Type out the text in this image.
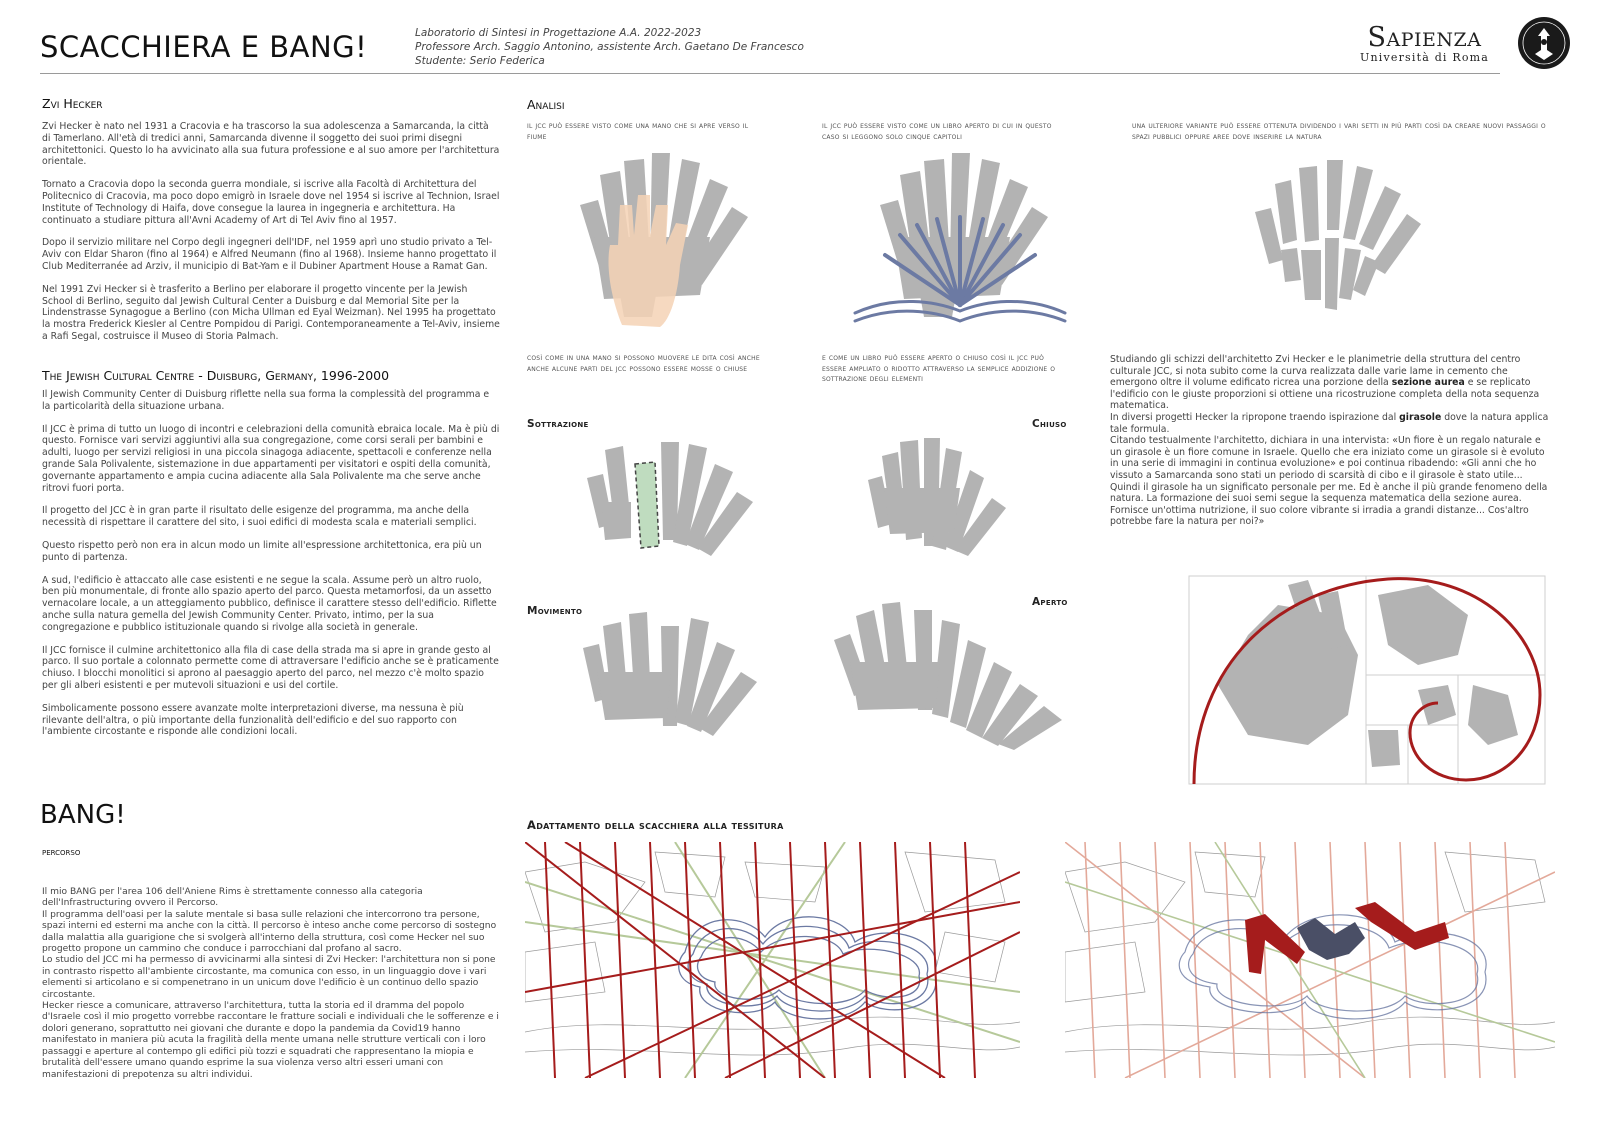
SCACCHIERA E BANG!	Laboratorio di Sintesi in Progettazione A.A. 2022-2023
Professore Arch. Saggio Antonino, assistente Arch. Gaetano De Francesco
Studente: Serio Federica
Sapienza
Università di Roma
Zvi Hecker

Zvi Hecker è nato nel 1931 a Cracovia e ha trascorso la sua adolescenza a Samarcanda, la città di Tamerlano. All'età di tredici anni, Samarcanda divenne il soggetto dei suoi primi disegni architettonici. Questo lo ha avvicinato alla sua futura professione e al suo amore per l'architettura orientale.

Tornato a Cracovia dopo la seconda guerra mondiale, si iscrive alla Facoltà di Architettura del Politecnico di Cracovia, ma poco dopo emigrò in Israele dove nel 1954 si iscrive al Technion, Israel Institute of Technology di Haifa, dove consegue la laurea in ingegneria e architettura. Ha continuato a studiare pittura all'Avni Academy of Art di Tel Aviv fino al 1957.

Dopo il servizio militare nel Corpo degli ingegneri dell'IDF, nel 1959 aprì uno studio privato a Tel-Aviv con Eldar Sharon (fino al 1964) e Alfred Neumann (fino al 1968). Insieme hanno progettato il Club Mediterranée ad Arziv, il municipio di Bat-Yam e il Dubiner Apartment House a Ramat Gan.

Nel 1991 Zvi Hecker si è trasferito a Berlino per elaborare il progetto vincente per la Jewish School di Berlino, seguito dal Jewish Cultural Center a Duisburg e dal Memorial Site per la Lindenstrasse Synagogue a Berlino (con Micha Ullman ed Eyal Weizman). Nel 1995 ha progettato la mostra Frederick Kiesler al Centre Pompidou di Parigi. Contemporaneamente a Tel-Aviv, insieme a Rafi Segal, costruisce il Museo di Storia Palmach.

The Jewish Cultural Centre - Duisburg, Germany, 1996-2000

Il Jewish Community Center di Duisburg riflette nella sua forma la complessità del programma e la particolarità della situazione urbana.

Il JCC è prima di tutto un luogo di incontri e celebrazioni della comunità ebraica locale. Ma è più di questo. Fornisce vari servizi aggiuntivi alla sua congregazione, come corsi serali per bambini e adulti, luogo per servizi religiosi in una piccola sinagoga adiacente, spettacoli e conferenze nella grande Sala Polivalente, sistemazione in due appartamenti per visitatori e ospiti della comunità, governante appartamento e ampia cucina adiacente alla Sala Polivalente ma che serve anche ritrovi fuori porta.

Il progetto del JCC è in gran parte il risultato delle esigenze del programma, ma anche della necessità di rispettare il carattere del sito, i suoi edifici di modesta scala e materiali semplici.

Questo rispetto però non era in alcun modo un limite all'espressione architettonica, era più un punto di partenza.

A sud, l'edificio è attaccato alle case esistenti e ne segue la scala. Assume però un altro ruolo, ben più monumentale, di fronte allo spazio aperto del parco. Questa metamorfosi, da un assetto vernacolare locale, a un atteggiamento pubblico, definisce il carattere stesso dell'edificio. Riflette anche sulla natura gemella del Jewish Community Center. Privato, intimo, per la sua congregazione e pubblico istituzionale quando si rivolge alla società in generale.

Il JCC fornisce il culmine architettonico alla fila di case della strada ma si apre in grande gesto al parco. Il suo portale a colonnato permette come di attraversare l'edificio anche se è praticamente chiuso. I blocchi monolitici si aprono al paesaggio aperto del parco, nel mezzo c'è molto spazio per gli alberi esistenti e per mutevoli situazioni e usi del cortile.

Simbolicamente possono essere avanzate molte interpretazioni diverse, ma nessuna è più rilevante dell'altra, o più importante della funzionalità dell'edificio e del suo rapporto con l'ambiente circostante e risponde alle condizioni locali.

BANG!
percorso

Il mio BANG per l'area 106 dell'Aniene Rims è strettamente connesso alla categoria dell'Infrastructuring ovvero il Percorso.
Il programma dell'oasi per la salute mentale si basa sulle relazioni che intercorrono tra persone, spazi interni ed esterni ma anche con la città. Il percorso è inteso anche come percorso di sostegno dalla malattia alla guarigione che si svolgerà all'interno della struttura, così come Hecker nel suo progetto propone un cammino che conduce i parrocchiani dal profano al sacro.
Lo studio del JCC mi ha permesso di avvicinarmi alla sintesi di Zvi Hecker: l'architettura non si pone in contrasto rispetto all'ambiente circostante, ma comunica con esso, in un linguaggio dove i vari elementi si articolano e si compenetrano in un unicum dove l'edificio è un continuo dello spazio circostante.
Hecker riesce a comunicare, attraverso l'architettura, tutta la storia ed il dramma del popolo d'Israele così il mio progetto vorrebbe raccontare le fratture sociali e individuali che le sofferenze e i dolori generano, soprattutto nei giovani che durante e dopo la pandemia da Covid19 hanno manifestato in maniera più acuta la fragilità della mente umana nelle strutture verticali con i loro passaggi e aperture al contempo gli edifici più tozzi e squadrati che rappresentano la miopia e brutalità dell'essere umano quando esprime la sua violenza verso altri esseri umani con manifestazioni di prepotenza su altri individui.

Analisi
il jcc può essere visto come una mano che si apre verso il fiume
il jcc può essere visto come un libro aperto di cui in questo caso si leggono solo cinque capitoli
una ulteriore variante può essere ottenuta dividendo i vari setti in più parti così da creare nuovi passaggi o spazi pubblici oppure aree dove inserire la natura
così come in una mano si possono muovere le dita così anche anche alcune parti del jcc possono essere mosse o chiuse
e come un libro può essere aperto o chiuso così il jcc può essere ampliato o ridotto attraverso la semplice addizione o sottrazione degli elementi
Sottrazione	Chiuso
Movimento
Aperto

Studiando gli schizzi dell'architetto Zvi Hecker e le planimetrie della struttura del centro culturale JCC, si nota subito come la curva realizzata dalle varie lame in cemento che emergono oltre il volume edificato ricrea una porzione della sezione aurea e se replicato l'edificio con le giuste proporzioni si ottiene una ricostruzione completa della nota sequenza matematica.
In diversi progetti Hecker la ripropone traendo ispirazione dal girasole dove la natura applica tale formula.
Citando testualmente l'architetto, dichiara in una intervista: «Un fiore è un regalo naturale e un girasole è un fiore comune in Israele. Quello che era iniziato come un girasole si è evoluto in una serie di immagini in continua evoluzione» e poi continua ribadendo: «Gli anni che ho vissuto a Samarcanda sono stati un periodo di scarsità di cibo e il girasole è stato utile... Quindi il girasole ha un significato personale per me. Ed è anche il più grande fenomeno della natura. La formazione dei suoi semi segue la sequenza matematica della sezione aurea. Fornisce un'ottima nutrizione, il suo colore vibrante si irradia a grandi distanze... Cos'altro potrebbe fare la natura per noi?»

Adattamento della scacchiera alla tessitura
